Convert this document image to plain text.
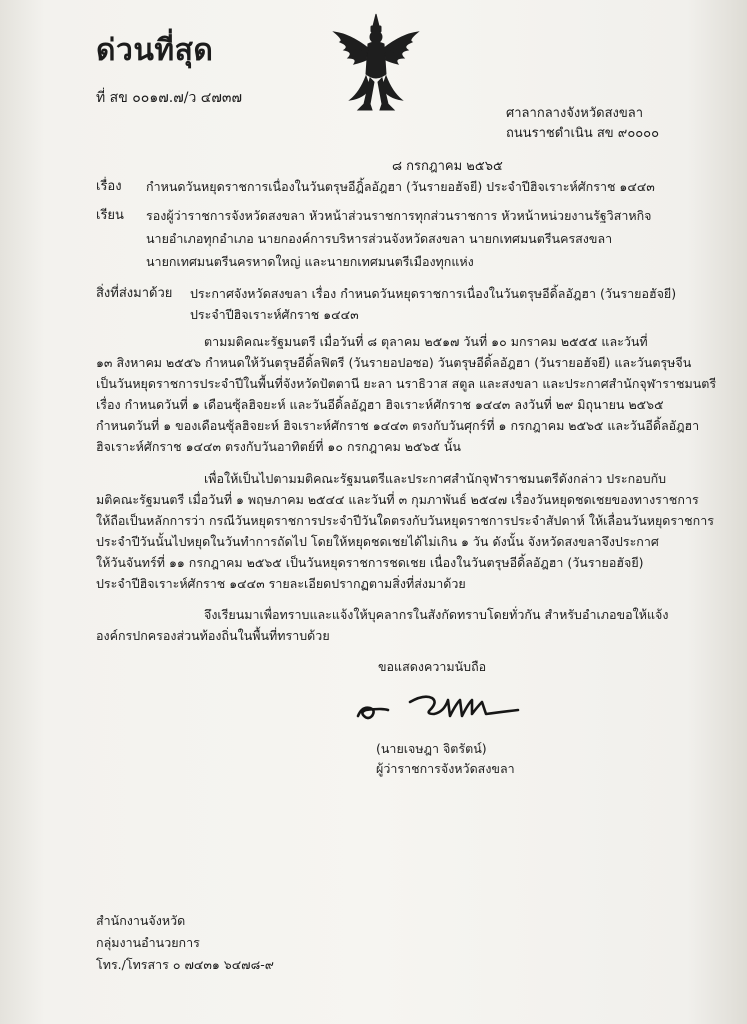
ด่วนที่สุด
ที่ สข ๐๐๑๗.๗/ว ๔๗๓๗
ศาลากลางจังหวัดสงขลา
ถนนราชดำเนิน สข ๙๐๐๐๐
๘ กรกฎาคม ๒๕๖๕
เรื่อง กำหนดวันหยุดราชการเนื่องในวันตรุษอีฎิ้ลอัฎฮา (วันรายอฮัจยี) ประจำปีฮิจเราะห์ศักราช ๑๔๔๓
เรียน รองผู้ว่าราชการจังหวัดสงขลา หัวหน้าส่วนราชการทุกส่วนราชการ หัวหน้าหน่วยงานรัฐวิสาหกิจ
นายอำเภอทุกอำเภอ นายกองค์การบริหารส่วนจังหวัดสงขลา นายกเทศมนตรีนครสงขลา
นายกเทศมนตรีนครหาดใหญ่ และนายกเทศมนตรีเมืองทุกแห่ง
สิ่งที่ส่งมาด้วย ประกาศจังหวัดสงขลา เรื่อง กำหนดวันหยุดราชการเนื่องในวันตรุษอีดิ้ลอัฎฮา (วันรายอฮัจยี)
ประจำปีฮิจเราะห์ศักราช ๑๔๔๓
ตามมติคณะรัฐมนตรี เมื่อวันที่ ๘ ตุลาคม ๒๕๑๗ วันที่ ๑๐ มกราคม ๒๕๕๕ และวันที่
๑๓ สิงหาคม ๒๕๕๖ กำหนดให้วันตรุษอีดิ้ลฟิตรี (วันรายอปอซอ) วันตรุษอีดิ้ลอัฎฮา (วันรายอฮัจยี) และวันตรุษจีน
เป็นวันหยุดราชการประจำปีในพื้นที่จังหวัดปัตตานี ยะลา นราธิวาส สตูล และสงขลา และประกาศสำนักจุฬาราชมนตรี
เรื่อง กำหนดวันที่ ๑ เดือนซุ้ลฮิจยะห์ และวันอีดิ้ลอัฎฮา ฮิจเราะห์ศักราช ๑๔๔๓ ลงวันที่ ๒๙ มิถุนายน ๒๕๖๕
กำหนดวันที่ ๑ ของเดือนซุ้ลฮิจยะห์ ฮิจเราะห์ศักราช ๑๔๔๓ ตรงกับวันศุกร์ที่ ๑ กรกฎาคม ๒๕๖๕ และวันอีดิ้ลอัฎฮา
ฮิจเราะห์ศักราช ๑๔๔๓ ตรงกับวันอาทิตย์ที่ ๑๐ กรกฎาคม ๒๕๖๕ นั้น
เพื่อให้เป็นไปตามมติคณะรัฐมนตรีและประกาศสำนักจุฬาราชมนตรีดังกล่าว ประกอบกับ
มติคณะรัฐมนตรี เมื่อวันที่ ๑ พฤษภาคม ๒๕๔๔ และวันที่ ๓ กุมภาพันธ์ ๒๕๔๗ เรื่องวันหยุดชดเชยของทางราชการ
ให้ถือเป็นหลักการว่า กรณีวันหยุดราชการประจำปีวันใดตรงกับวันหยุดราชการประจำสัปดาห์ ให้เลื่อนวันหยุดราชการ
ประจำปีวันนั้นไปหยุดในวันทำการถัดไป โดยให้หยุดชดเชยได้ไม่เกิน ๑ วัน ดังนั้น จังหวัดสงขลาจึงประกาศ
ให้วันจันทร์ที่ ๑๑ กรกฎาคม ๒๕๖๕ เป็นวันหยุดราชการชดเชย เนื่องในวันตรุษอีดิ้ลอัฎฮา (วันรายอฮัจยี)
ประจำปีฮิจเราะห์ศักราช ๑๔๔๓ รายละเอียดปรากฏตามสิ่งที่ส่งมาด้วย
จึงเรียนมาเพื่อทราบและแจ้งให้บุคลากรในสังกัดทราบโดยทั่วกัน สำหรับอำเภอขอให้แจ้ง
องค์กรปกครองส่วนท้องถิ่นในพื้นที่ทราบด้วย
ขอแสดงความนับถือ
(นายเจษฎา จิตรัตน์)
ผู้ว่าราชการจังหวัดสงขลา
สำนักงานจังหวัด
กลุ่มงานอำนวยการ
โทร./โทรสาร ๐ ๗๔๓๑ ๖๔๗๘-๙
